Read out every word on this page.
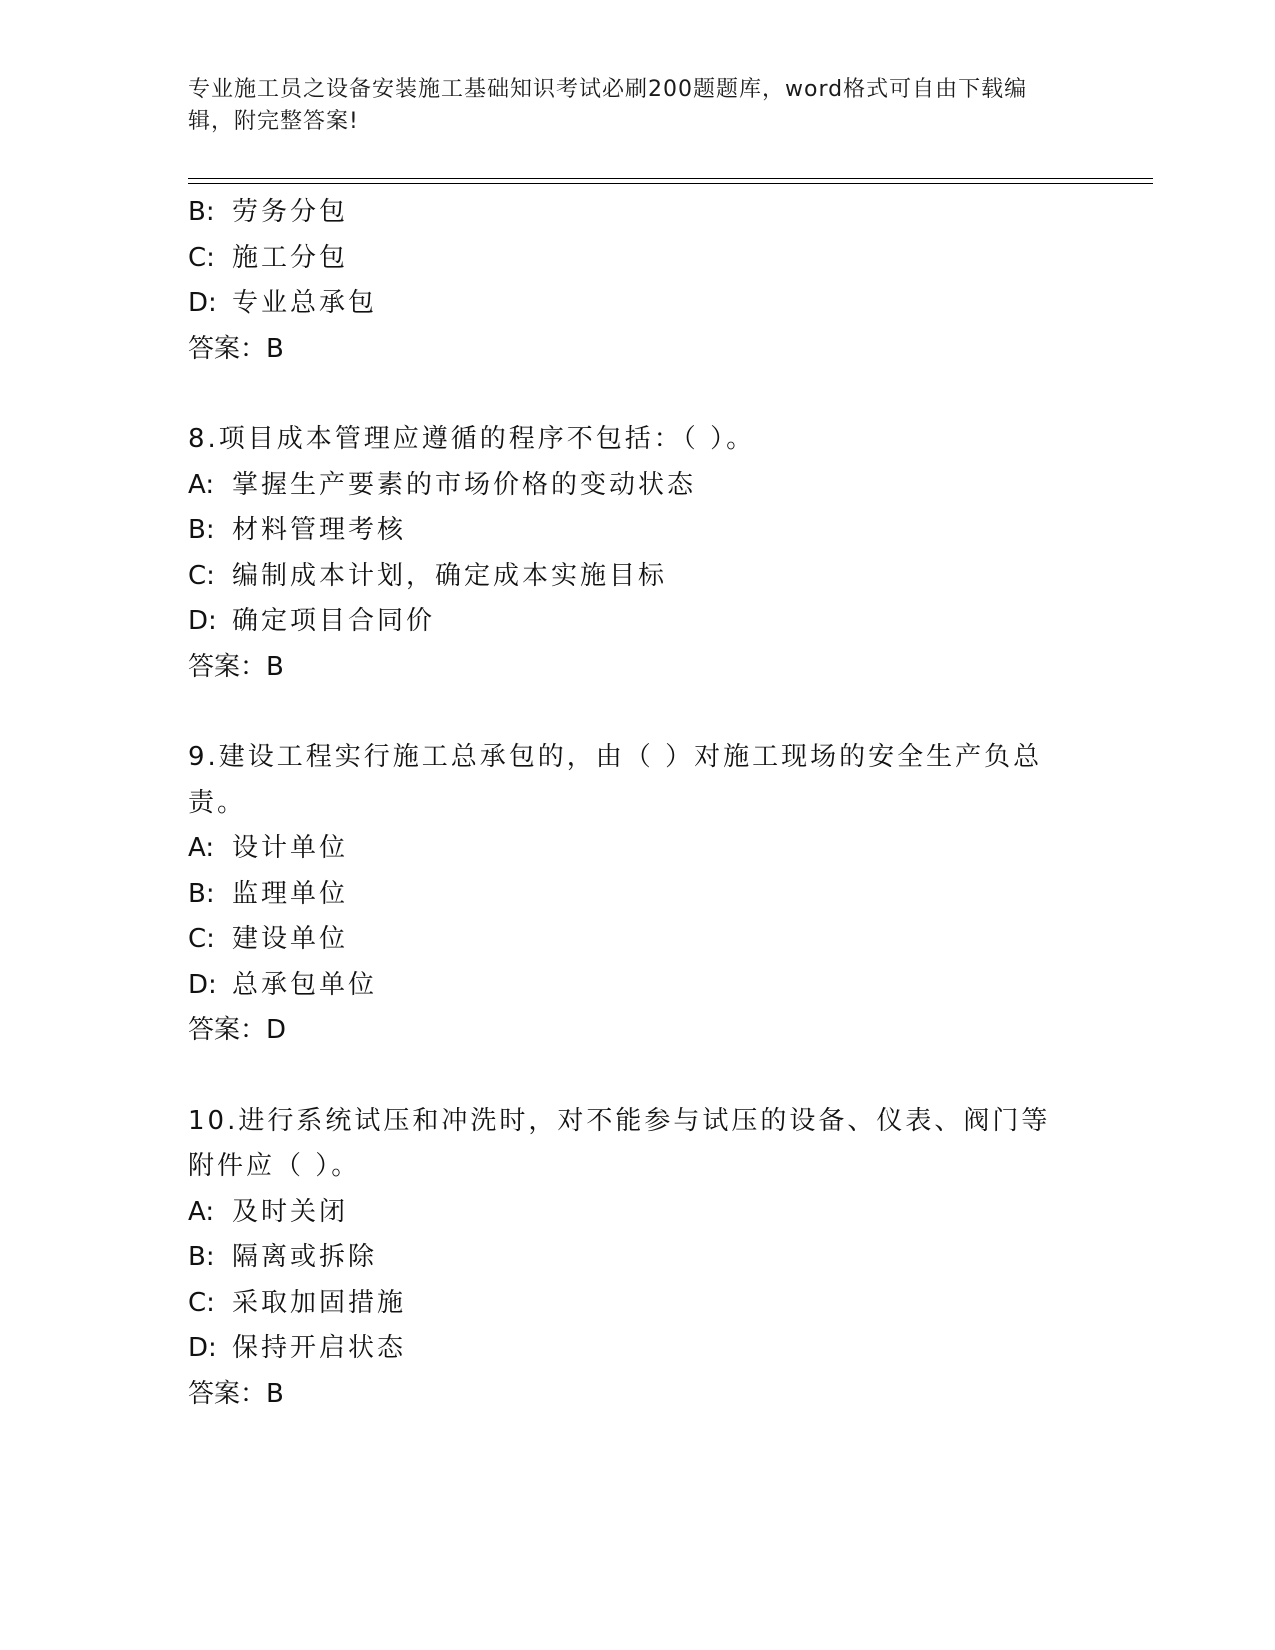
专业施工员之设备安装施工基础知识考试必刷200题题库，word格式可自由下载编辑，附完整答案!
B: 劳务分包
C: 施工分包
D: 专业总承包
答案：B
8.项目成本管理应遵循的程序不包括：（ ）。
A: 掌握生产要素的市场价格的变动状态
B: 材料管理考核
C: 编制成本计划，确定成本实施目标
D: 确定项目合同价
答案：B
9.建设工程实行施工总承包的，由（ ）对施工现场的安全生产负总责。
A: 设计单位
B: 监理单位
C: 建设单位
D: 总承包单位
答案：D
10.进行系统试压和冲洗时，对不能参与试压的设备、仪表、阀门等附件应（ ）。
A: 及时关闭
B: 隔离或拆除
C: 采取加固措施
D: 保持开启状态
答案：B
